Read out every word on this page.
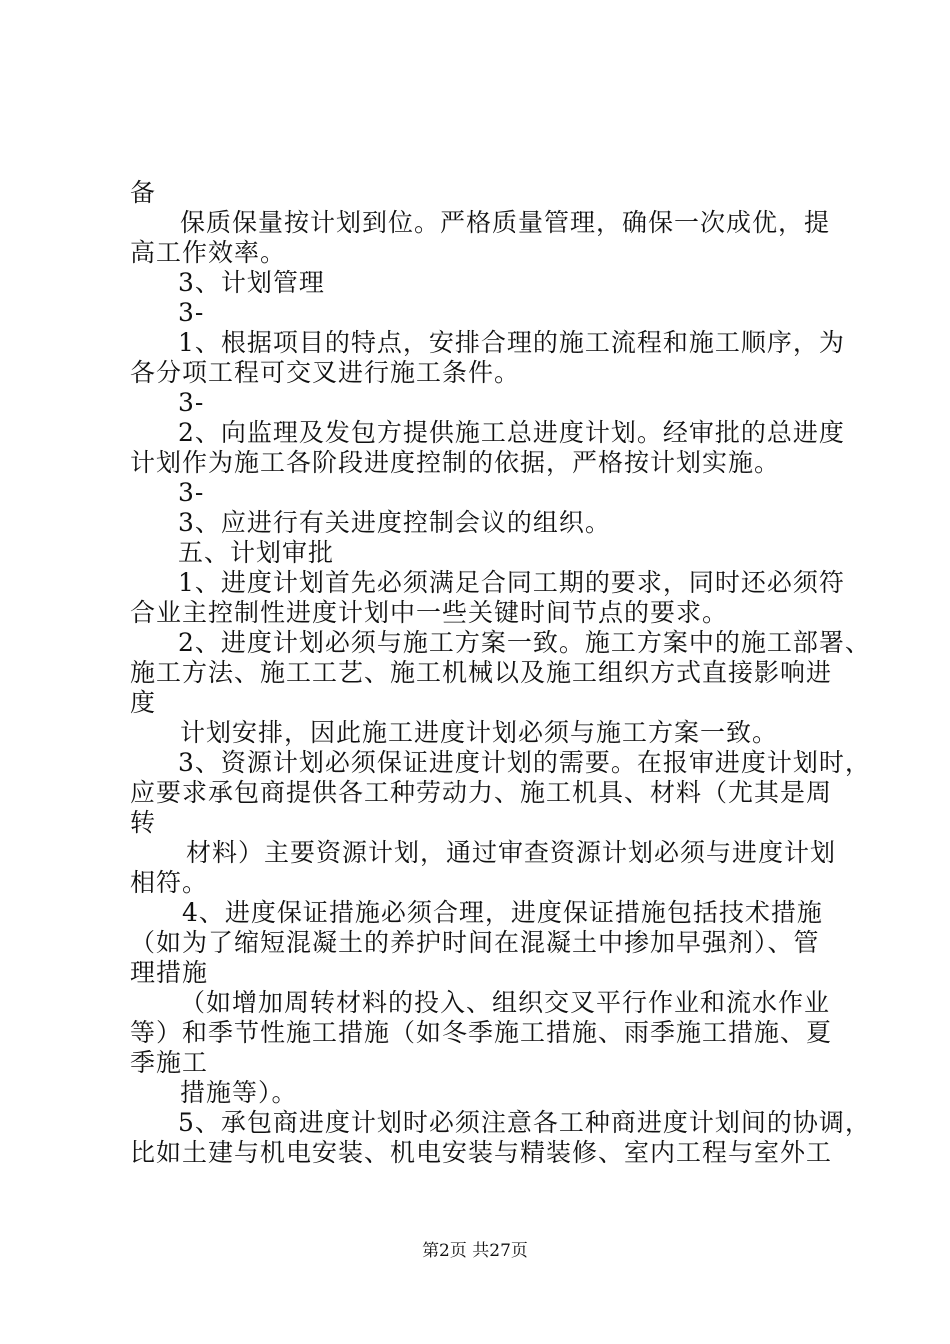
备
保质保量按计划到位。严格质量管理，确保一次成优，提
高工作效率。
3、计划管理
3-
1、根据项目的特点，安排合理的施工流程和施工顺序，为
各分项工程可交叉进行施工条件。
3-
2、向监理及发包方提供施工总进度计划。经审批的总进度
计划作为施工各阶段进度控制的依据，严格按计划实施。
3-
3、应进行有关进度控制会议的组织。
五、计划审批
1、进度计划首先必须满足合同工期的要求，同时还必须符
合业主控制性进度计划中一些关键时间节点的要求。
2、进度计划必须与施工方案一致。施工方案中的施工部署、
施工方法、施工工艺、施工机械以及施工组织方式直接影响进
度
计划安排，因此施工进度计划必须与施工方案一致。
3、资源计划必须保证进度计划的需要。在报审进度计划时，
应要求承包商提供各工种劳动力、施工机具、材料（尤其是周
转
材料）主要资源计划，通过审查资源计划必须与进度计划
相符。
4、进度保证措施必须合理，进度保证措施包括技术措施
（如为了缩短混凝土的养护时间在混凝土中掺加早强剂）、管
理措施
（如增加周转材料的投入、组织交叉平行作业和流水作业
等）和季节性施工措施（如冬季施工措施、雨季施工措施、夏
季施工
措施等）。
5、承包商进度计划时必须注意各工种商进度计划间的协调，
比如土建与机电安装、机电安装与精装修、室内工程与室外工
第2页 共27页
